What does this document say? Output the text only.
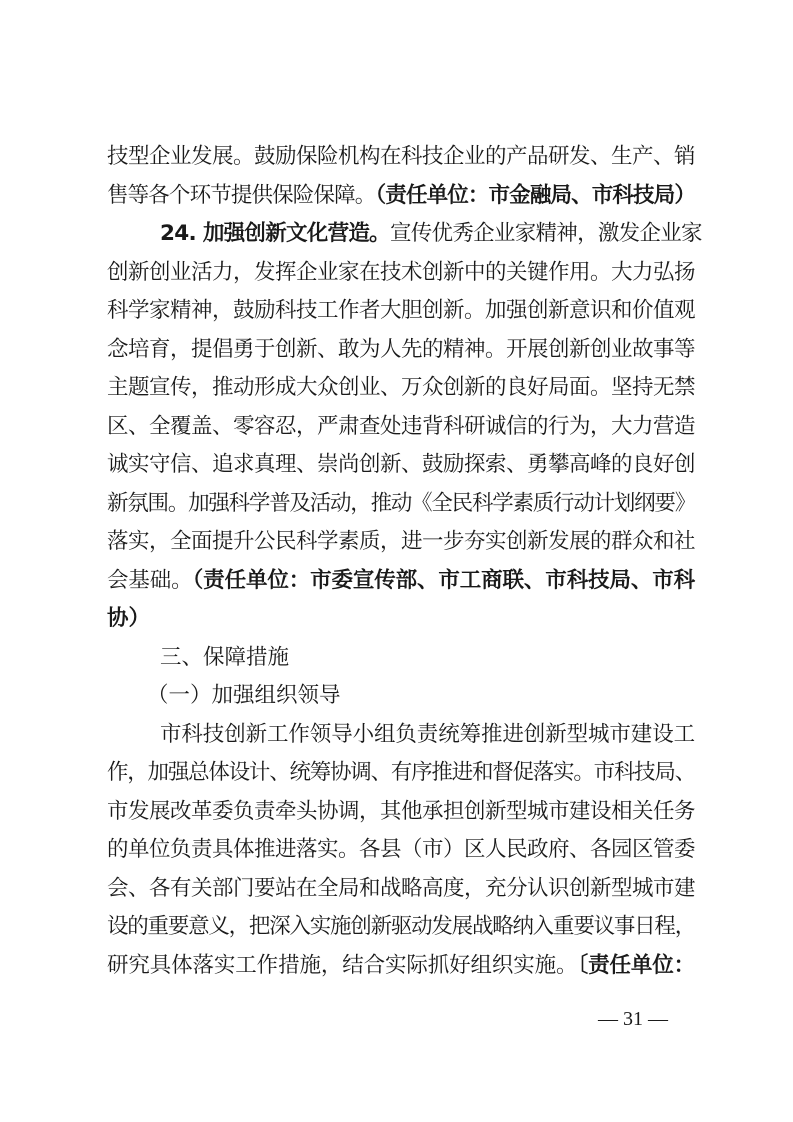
技型企业发展。鼓励保险机构在科技企业的产品研发、生产、销
售等各个环节提供保险保障。（责任单位：市金融局、市科技局）
24. 加强创新文化营造。宣传优秀企业家精神，激发企业家
创新创业活力，发挥企业家在技术创新中的关键作用。大力弘扬
科学家精神，鼓励科技工作者大胆创新。加强创新意识和价值观
念培育，提倡勇于创新、敢为人先的精神。开展创新创业故事等
主题宣传，推动形成大众创业、万众创新的良好局面。坚持无禁
区、全覆盖、零容忍，严肃查处违背科研诚信的行为，大力营造
诚实守信、追求真理、崇尚创新、鼓励探索、勇攀高峰的良好创
新氛围。加强科学普及活动，推动《全民科学素质行动计划纲要》
落实，全面提升公民科学素质，进一步夯实创新发展的群众和社
会基础。（责任单位：市委宣传部、市工商联、市科技局、市科
协）
三、保障措施
（一）加强组织领导
市科技创新工作领导小组负责统筹推进创新型城市建设工
作，加强总体设计、统筹协调、有序推进和督促落实。市科技局、
市发展改革委负责牵头协调，其他承担创新型城市建设相关任务
的单位负责具体推进落实。各县（市）区人民政府、各园区管委
会、各有关部门要站在全局和战略高度，充分认识创新型城市建
设的重要意义，把深入实施创新驱动发展战略纳入重要议事日程，
研究具体落实工作措施，结合实际抓好组织实施。〔责任单位：
— 31 —
